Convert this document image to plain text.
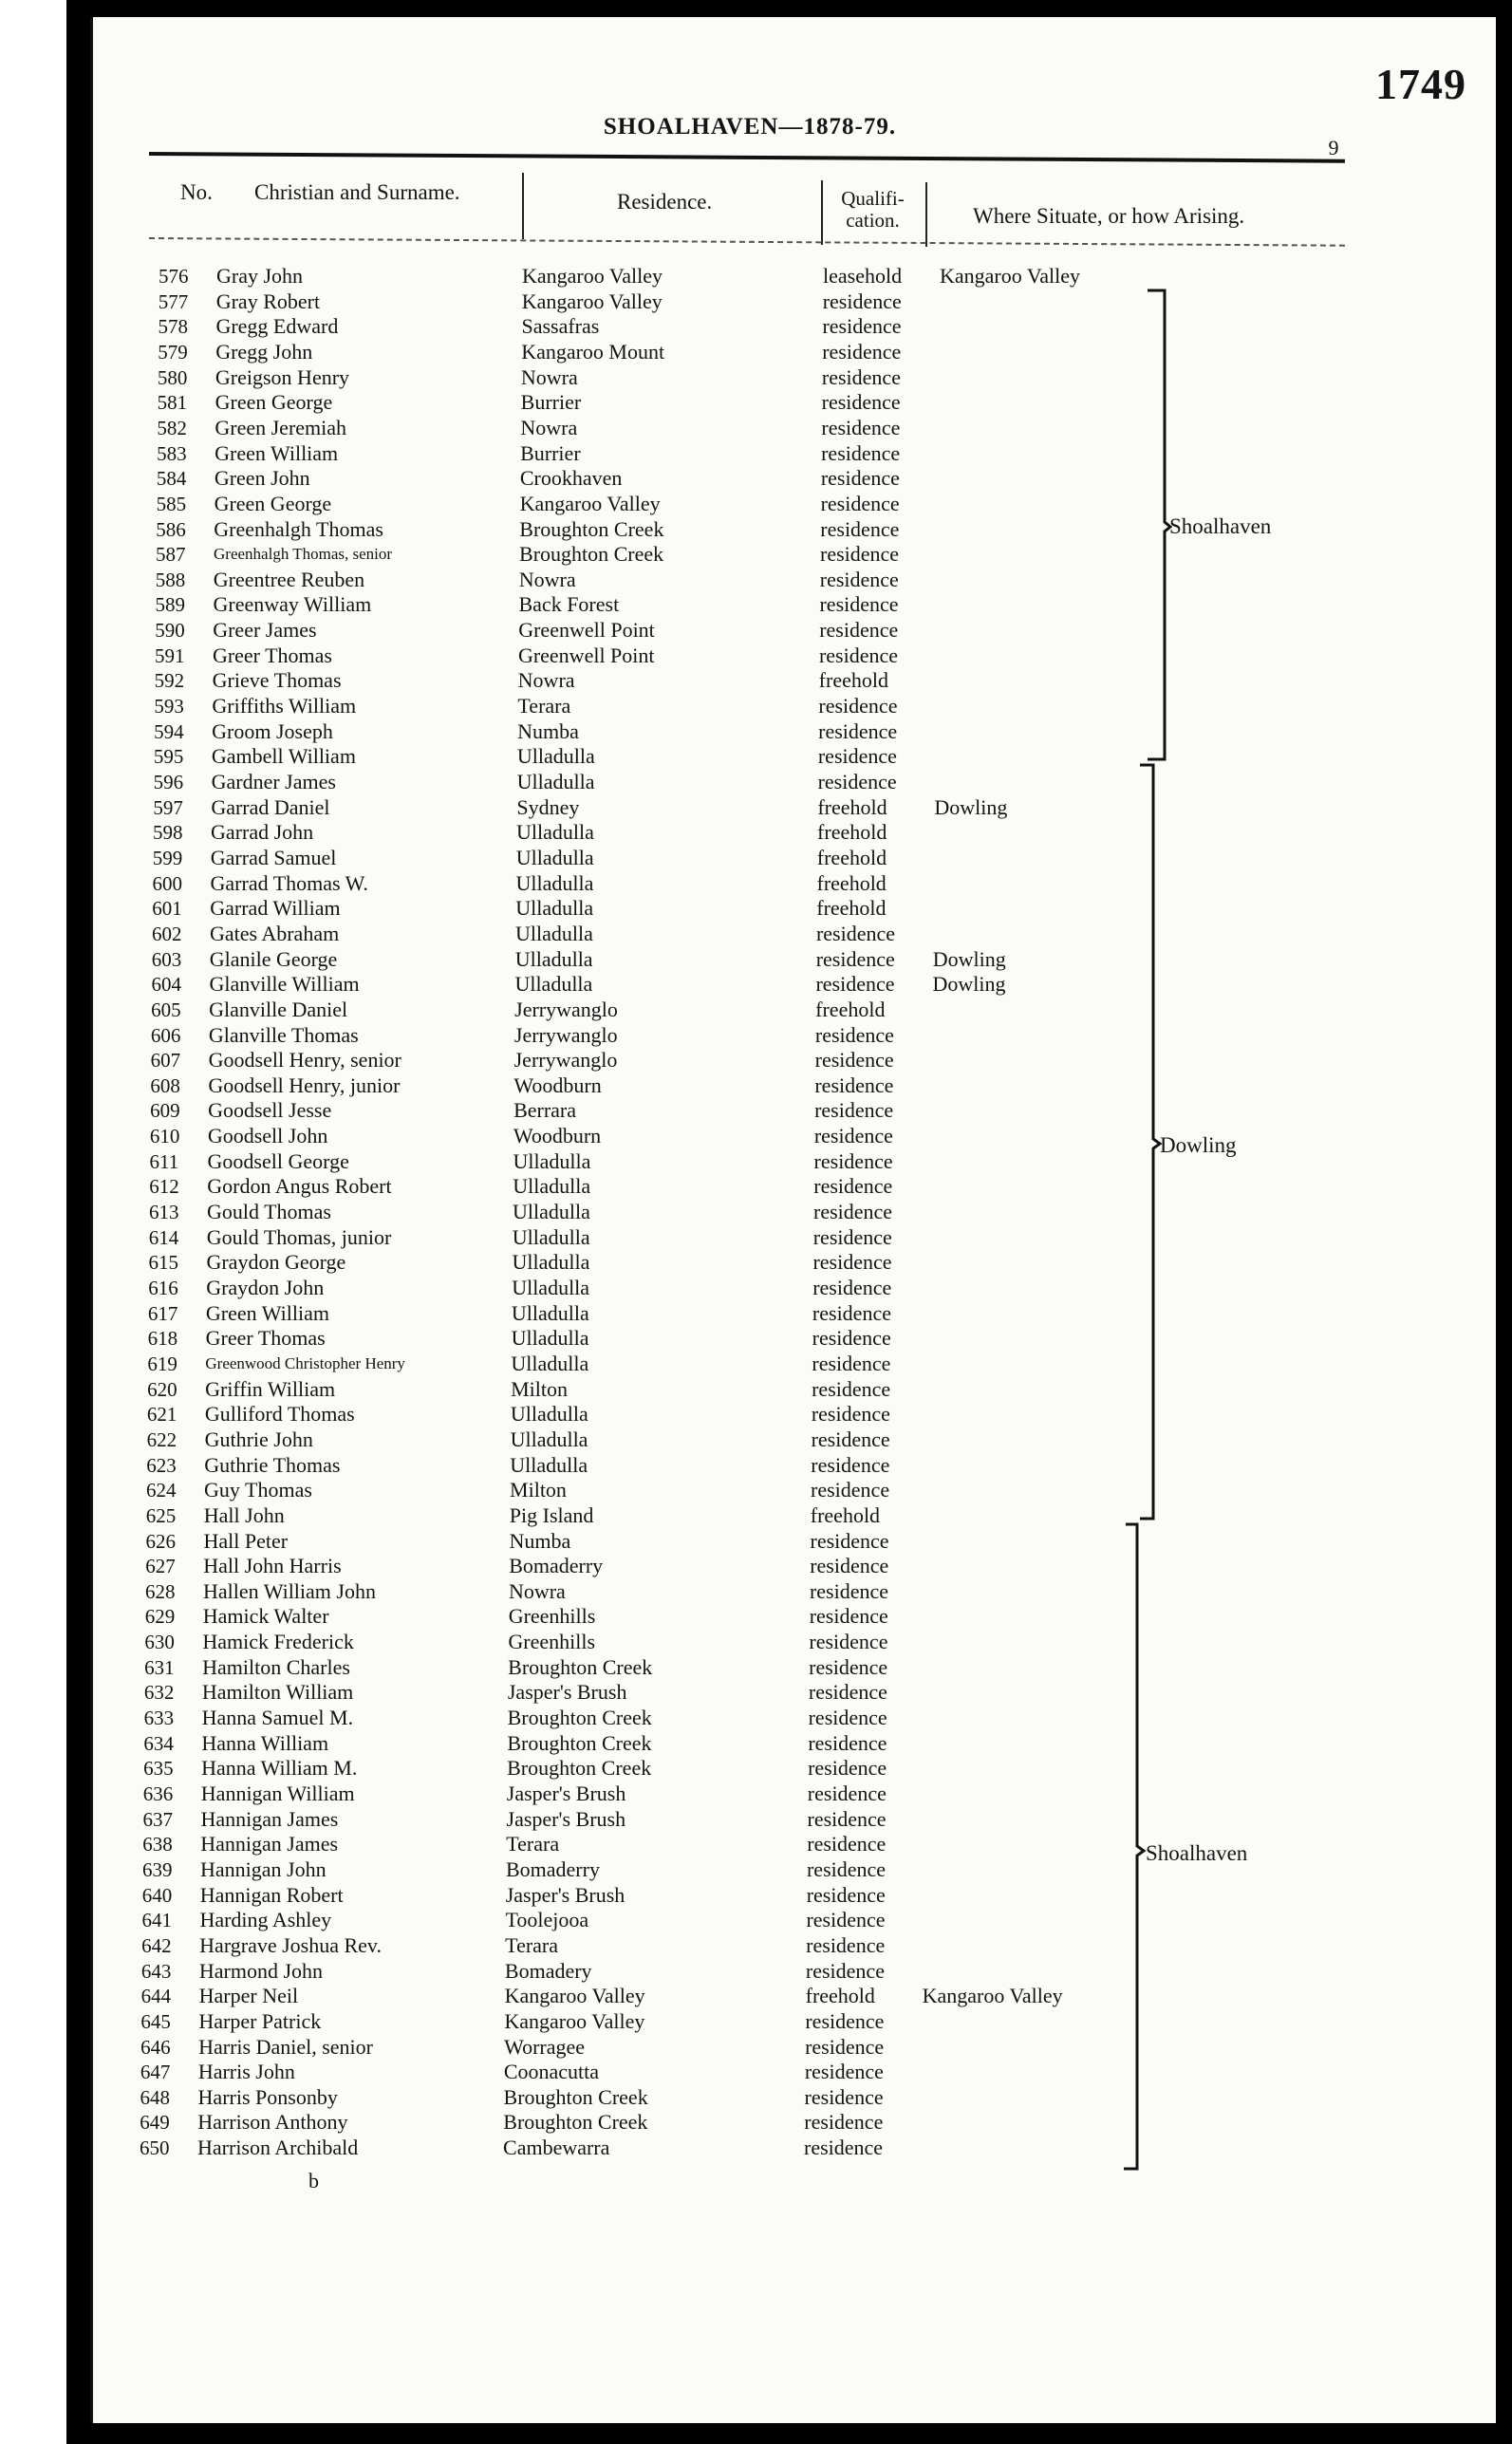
1749
SHOALHAVEN—1878-79.
9
No. Christian and Surname.	Residence.	Qualifi-cation.	Where Situate, or how Arising.
576	Gray John	Kangaroo Valley	leasehold	Kangaroo Valley
577	Gray Robert	Kangaroo Valley	residence
578	Gregg Edward	Sassafras	residence
579	Gregg John	Kangaroo Mount	residence
580	Greigson Henry	Nowra	residence
581	Green George	Burrier	residence
582	Green Jeremiah	Nowra	residence
583	Green William	Burrier	residence
584	Green John	Crookhaven	residence
585	Green George	Kangaroo Valley	residence
586	Greenhalgh Thomas	Broughton Creek	residence
587	Greenhalgh Thomas, senior	Broughton Creek	residence
588	Greentree Reuben	Nowra	residence
589	Greenway William	Back Forest	residence
590	Greer James	Greenwell Point	residence
591	Greer Thomas	Greenwell Point	residence
592	Grieve Thomas	Nowra	freehold
593	Griffiths William	Terara	residence
594	Groom Joseph	Numba	residence
595	Gambell William	Ulladulla	residence
596	Gardner James	Ulladulla	residence
597	Garrad Daniel	Sydney	freehold	Dowling
598	Garrad John	Ulladulla	freehold
599	Garrad Samuel	Ulladulla	freehold
600	Garrad Thomas W.	Ulladulla	freehold
601	Garrad William	Ulladulla	freehold
602	Gates Abraham	Ulladulla	residence
603	Glanile George	Ulladulla	residence	Dowling
604	Glanville William	Ulladulla	residence	Dowling
605	Glanville Daniel	Jerrywanglo	freehold
606	Glanville Thomas	Jerrywanglo	residence
607	Goodsell Henry, senior	Jerrywanglo	residence
608	Goodsell Henry, junior	Woodburn	residence
609	Goodsell Jesse	Berrara	residence
610	Goodsell John	Woodburn	residence
611	Goodsell George	Ulladulla	residence
612	Gordon Angus Robert	Ulladulla	residence
613	Gould Thomas	Ulladulla	residence
614	Gould Thomas, junior	Ulladulla	residence
615	Graydon George	Ulladulla	residence
616	Graydon John	Ulladulla	residence
617	Green William	Ulladulla	residence
618	Greer Thomas	Ulladulla	residence
619	Greenwood Christopher Henry	Ulladulla	residence
620	Griffin William	Milton	residence
621	Gulliford Thomas	Ulladulla	residence
622	Guthrie John	Ulladulla	residence
623	Guthrie Thomas	Ulladulla	residence
624	Guy Thomas	Milton	residence
625	Hall John	Pig Island	freehold
626	Hall Peter	Numba	residence
627	Hall John Harris	Bomaderry	residence
628	Hallen William John	Nowra	residence
629	Hamick Walter	Greenhills	residence
630	Hamick Frederick	Greenhills	residence
631	Hamilton Charles	Broughton Creek	residence
632	Hamilton William	Jasper's Brush	residence
633	Hanna Samuel M.	Broughton Creek	residence
634	Hanna William	Broughton Creek	residence
635	Hanna William M.	Broughton Creek	residence
636	Hannigan William	Jasper's Brush	residence
637	Hannigan James	Jasper's Brush	residence
638	Hannigan James	Terara	residence
639	Hannigan John	Bomaderry	residence
640	Hannigan Robert	Jasper's Brush	residence
641	Harding Ashley	Toolejooa	residence
642	Hargrave Joshua Rev.	Terara	residence
643	Harmond John	Bomadery	residence
644	Harper Neil	Kangaroo Valley	freehold	Kangaroo Valley
645	Harper Patrick	Kangaroo Valley	residence
646	Harris Daniel, senior	Worragee	residence
647	Harris John	Coonacutta	residence
648	Harris Ponsonby	Broughton Creek	residence
649	Harrison Anthony	Broughton Creek	residence
650	Harrison Archibald	Cambewarra	residence
Shoalhaven
Dowling
Shoalhaven
b
